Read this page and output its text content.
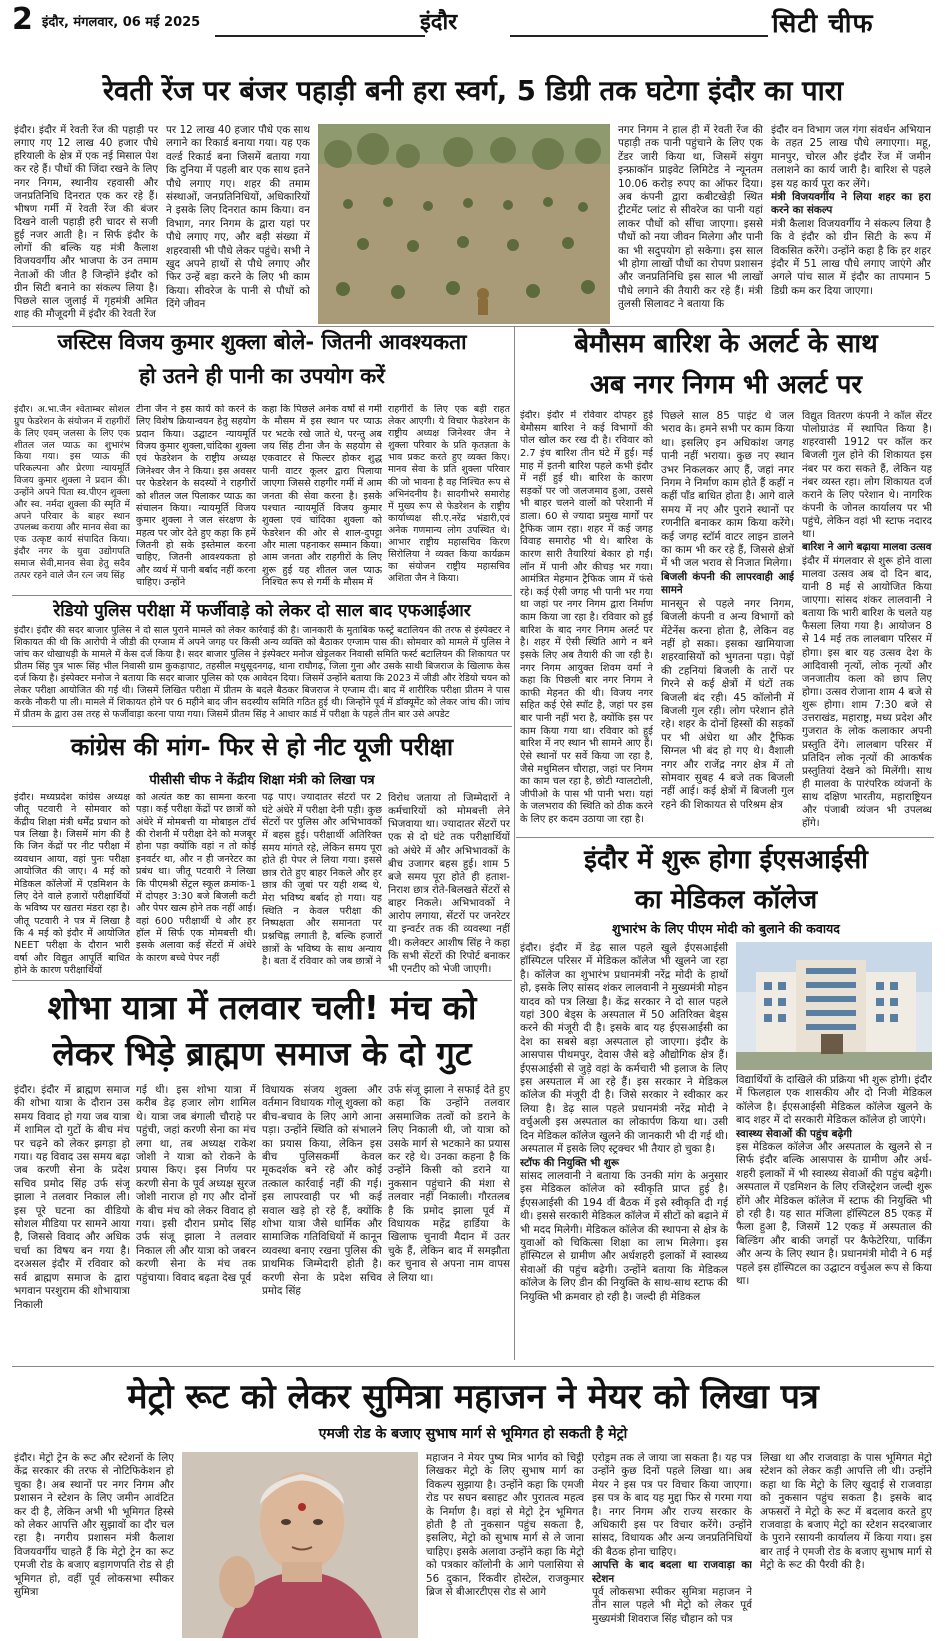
2 इंदौर, मंगलवार, 06 मई 2025	इंदौर	सिटी चीफ
रेवती रेंज पर बंजर पहाड़ी बनी हरा स्वर्ग, 5 डिग्री तक घटेगा इंदौर का पारा
इंदौर। इंदौर में रेवती रेंज की पहाड़ी पर लगाए गए 12 लाख 40 हजार पौधे हरियाली के क्षेत्र में एक नई मिसाल पेश कर रहे हैं। पौधों की जिंदा रखने के लिए नगर निगम, स्थानीय रहवासी और जनप्रतिनिधि दिनरात एक कर रहे हैं। भीषण गर्मी में रेवती रेंज की बंजर दिखने वाली पहाड़ी हरी चादर से सजी हुई नजर आती है। न सिर्फ इंदौर के लोगों की बल्कि यह मंत्री कैलाश विजयवर्गीय और भाजपा के उन तमाम नेताओं की जीत है जिन्होंने इंदौर को ग्रीन सिटी बनाने का संकल्प लिया है। पिछले साल जुलाई में गृहमंत्री अमित शाह की मौजूदगी में इंदौर की रेवती रेंज
पर 12 लाख 40 हजार पौधे एक साथ लगाने का रिकार्ड बनाया गया। यह एक वर्ल्ड रिकार्ड बना जिसमें बताया गया कि दुनिया में पहली बार एक साथ इतने पौधे लगाए गए। शहर की तमाम संस्थाओं, जनप्रतिनिधियों, अधिकारियों ने इसके लिए दिनरात काम किया। वन विभाग, नगर निगम के द्वारा यहां पर पौधे लगाए गए, और बड़ी संख्या में शहरवासी भी पौधे लेकर पहुंचे। सभी ने खुद अपने हाथों से पौधे लगाए और फिर उन्हें बड़ा करने के लिए भी काम किया। सीवरेज के पानी से पौधों को दिंगे जीवन
नगर निगम ने हाल ही में रेवती रेंज की पहाड़ी तक पानी पहुंचाने के लिए एक टेंडर जारी किया था, जिसमें संयुग इन्फ्राकॉन प्राइवेट लिमिटेड ने न्यूनतम 10.06 करोड़ रुपए का ऑफर दिया। अब कंपनी द्वारा कबीटखेड़ी स्थित ट्रीटमेंट प्लांट से सीवरेज का पानी यहां लाकर पौधों को सींचा जाएगा। इससे पौधों को नया जीवन मिलेगा और पानी का भी सदुपयोग हो सकेगा। इस साल भी होगा लाखों पौधों का रोपण प्रशासन और जनप्रतिनिधि इस साल भी लाखों पौधे लगाने की तैयारी कर रहे हैं। मंत्री तुलसी सिलावट ने बताया कि
इंदौर वन विभाग जल गंगा संवर्धन अभियान के तहत 25 लाख पौधे लगाएगा। महू, मानपुर, चोरल और इंदौर रेंज में जमीन तलाशने का कार्य जारी है। बारिश से पहले इस यह कार्य पूरा कर लेंगे।
मंत्री विजयवर्गीय ने लिया शहर का हरा करने का संकल्प
मंत्री कैलाश विजयवर्गीय ने संकल्प लिया है कि वे इंदौर को ग्रीन सिटी के रूप में विकसित करेंगे। उन्होंने कहा है कि हर शहर इंदौर में 51 लाख पौधे लगाए जाएंगे और अगले पांच साल में इंदौर का तापमान 5 डिग्री कम कर दिया जाएगा।
जस्टिस विजय कुमार शुक्ला बोले- जितनी आवश्यकता
हो उतने ही पानी का उपयोग करें
इंदौर। अ.भा.जैन श्वेताम्बर सोशल ग्रुप फेडरेशन के संयोजन में राहगीरों के लिए एवम् जलसा के लिए एक शीतल जल प्याऊ का शुभारंभ किया गया। इस प्याऊ की परिकल्पना और प्रेरणा न्यायमूर्ति विजय कुमार शुक्ला ने प्रदान की। उन्होंने अपने पिता स्व.पीएन शुक्ला और स्व. नर्मदा शुक्ला की स्मृति में अपने परिवार के बाहर स्थान उपलब्ध कराया और मानव सेवा का एक उत्कृष्ट कार्य संपादित किया। इंदौर नगर के युवा उद्योगपति समाज सेवी,मानव सेवा हेतु सदैव तत्पर रहने वाले जैन रत्न जय सिंह
टीना जैन ने इस कार्य को करने के लिए विशेष क्रियान्वयन हेतु सहयोग प्रदान किया। उद्घाटन न्यायमूर्ति विजय कुमार शुक्ला,चांदिका शुक्ला एवं फेडरेशन के राष्ट्रीय अध्यक्ष जिनेश्वर जैन ने किया। इस अवसर पर फेडरेशन के सदस्यों ने राहगीरों को शीतल जल पिलाकर प्याऊ का संचालन किया। न्यायमूर्ति विजय कुमार शुक्ला ने जल संरक्षण के महत्व पर जोर देते हुए कहा कि हमें जितनी हो सके इस्तेमाल करना चाहिए, जितनी आवश्यकता हो और व्यर्थ में पानी बर्बाद नहीं करना चाहिए। उन्होंने
कहा कि पिछले अनेक वर्षों से गर्मी के मौसम में इस स्थान पर प्याऊ पर भटके रखे जाते थे, परन्तु अब जय सिंह टीना जैन के सहयोग से एकवाटर से फिल्टर होकर शुद्ध पानी वाटर कूलर द्वारा पिलाया जाएगा जिससे राहगीर गर्मी में आम जनता की सेवा करना है। इसके पश्चात न्यायमूर्ति विजय कुमार शुक्ला एवं चांदिका शुक्ला को फेडरेशन की ओर से शाल-दुपट्टा और माला पहनाकर सम्मान किया। आम जनता और राहगीरों के लिए शुरू हुई यह शीतल जल प्याऊ निश्चित रूप से गर्मी के मौसम में
राहगीरों के लिए एक बड़ी राहत लेकर आएगी। ये विचार फेडरेशन के राष्ट्रीय अध्यक्ष जिनेश्वर जैन ने शुक्ला परिवार के प्रति कृतज्ञता के भाव प्रकट करते हुए व्यक्त किए। मानव सेवा के प्रति शुक्ला परिवार की जो भावना है वह निश्चित रूप से अभिनंदनीय है। सादगीभरे समारोह में मुख्य रूप से फेडरेशन के राष्ट्रीय कार्याध्यक्ष सी.ए.नरेंद्र भंडारी,एवं अनेक गणमान्य लोग उपस्थित थे। आभार राष्ट्रीय महासचिव किरण सिरोलिया ने व्यक्त किया कार्यक्रम का संयोजन राष्ट्रीय महासचिव अशिता जैन ने किया।
रेडियो पुलिस परीक्षा में फर्जीवाड़े को लेकर दो साल बाद एफआईआर
इंदौर। इंदौर की सदर बाजार पुलिस ने दो साल पुराने मामले को लेकर कार्रवाई की है। जानकारी के मुताबिक फर्स्ट्र बटालियन की तरफ से इंस्पेक्टर ने शिकायत की थी कि आरोपी ने जीडी की एग्जाम में अपने जगह पर किसी अन्य व्यक्ति को बैठाकर एग्जाम पास की। सोमवार को मामले में पुलिस ने जांच कर धोखाधड़ी के मामले में केस दर्ज किया है। सदर बाजार पुलिस ने इंस्पेक्टर मनोज खेड़ूलकर निवासी समिति फर्स्ट बटालियन की शिकायत पर प्रीतम सिंह पुत्र भारू सिंह भील निवासी ग्राम कुकड़ापाट, तहसील मधुसूदनगढ़, थाना राघौगढ़, जिला गुना और उसके साथी बिजराज के खिलाफ केस दर्ज किया है। इंस्पेक्टर मनोज ने बताया कि सदर बाजार पुलिस को एक आवेदन दिया। जिसमें उन्होंने बताया कि 2023 में जीडी और रेडियो चयन को लेकर परीक्षा आयोजित की गई थी। जिसमें लिखित परीक्षा में प्रीतम के बदले बैठकर बिजराज ने एग्जाम दी। बाद में शारीरिक परीक्षा प्रीतम ने पास करके नौकरी पा ली। मामले में शिकायत होने पर 6 महीने बाद जीन सदस्यीय समिति गठित हुई थी। जिन्होंने पूर्व में डॉक्यूमेंट को लेकर जांच की। जांच में प्रीतम के द्वारा उस तरह से फर्जीवाड़ा करना पाया गया। जिसमें प्रीतम सिंह ने आधार कार्ड में परीक्षा के पहले तीन बार उसे अपडेट
कांग्रेस की मांग- फिर से हो नीट यूजी परीक्षा
पीसीसी चीफ ने केंद्रीय शिक्षा मंत्री को लिखा पत्र
इंदौर। मध्यप्रदेश कांग्रेस अध्यक्ष जीतू पटवारी ने सोमवार को केंद्रीय शिक्षा मंत्री धर्मेंद्र प्रधान को पत्र लिखा है। जिसमें मांग की है कि जिन केंद्रों पर नीट परीक्षा में व्यवधान आया, वहां पुनः परीक्षा आयोजित की जाए। 4 मई को मेडिकल कॉलेजों में एडमिशन के लिए देने वाले हजारों परीक्षार्थियों के भविष्य पर खतरा मंडरा रहा है। जीतू पटवारी ने पत्र में लिखा है कि 4 मई को इंदौर में आयोजित NEET परीक्षा के दौरान भारी वर्षा और विद्युत आपूर्ति बाधित होने के कारण परीक्षार्थियों
को अत्यंत कष्ट का सामना करना पड़ा। कई परीक्षा केंद्रों पर छात्रों को अंधेरे में मोमबत्ती या मोबाइल टॉर्च की रोशनी में परीक्षा देने को मजबूर होना पड़ा क्योंकि वहां न तो कोई इनवर्टर था, और न ही जनरेटर का प्रबंध था। जीतू पटवारी ने लिखा कि पीएमश्री सेंट्रल स्कूल क्रमांक-1 में दोपहर 3:30 बजे बिजली कटी और पेपर खत्म होने तक नहीं आई। वहां 600 परीक्षार्थी थे और हर हॉल में सिर्फ एक मोमबत्ती थी। इसके अलावा कई सेंटरों में अंधेरे के कारण बच्चे पेपर नहीं
पढ़ पाए। ज्यादातर सेंटरों पर 2 घंटे अंधेरे में परीक्षा देनी पड़ी। कुछ सेंटरों पर पुलिस और अभिभावकों में बहस हुई। परीक्षार्थी अतिरिक्त समय मांगते रहे, लेकिन समय पूरा होते ही पेपर ले लिया गया। इससे छात्र रोते हुए बाहर निकले और हर छात्र की जुबां पर यही शब्द थे, मेरा भविष्य बर्बाद हो गया। यह स्थिति न केवल परीक्षा की निष्पक्षता और समानता पर प्रश्नचिह्न लगाती है, बल्कि हजारों छात्रों के भविष्य के साथ अन्याय है। बता दें रविवार को जब छात्रों ने
विरोध जताया तो जिम्मेदारों ने कर्मचारियों को मोमबत्ती लेने भिजवाया था। ज्यादातर सेंटरों पर एक से दो घंटे तक परीक्षार्थियों को अंधेरे में और अभिभावकों के बीच उजागर बहस हुई। शाम 5 बजे समय पूरा होते ही हताश-निराश छात्र रोते-बिलखते सेंटरों से बाहर निकले। अभिभावकों ने आरोप लगाया, सेंटरों पर जनरेटर या इन्वर्टर तक की व्यवस्था नहीं थी। कलेक्टर आशीष सिंह ने कहा कि सभी सेंटरों की रिपोर्ट बनाकर भी एनटीए को भेजी जाएगी।
बेमौसम बारिश के अलर्ट के साथ
अब नगर निगम भी अलर्ट पर
इंदौर। इंदौर में रविवार दोपहर हुई बेमौसम बारिश ने कई विभागों की पोल खोल कर रख दी है। रविवार को 2.7 इंच बारिश तीन घंटे में हुई। मई माह में इतनी बारिश पहले कभी इंदौर में नहीं हुई थी। बारिश के कारण सड़कों पर जो जलजमाव हुआ, उससे भी बाहर चलने वालों को परेशानी में डाला। 60 से ज्यादा प्रमुख मार्गों पर ट्रैफिक जाम रहा। शहर में कई जगह विवाह समारोह भी थे। बारिश के कारण सारी तैयारियां बेकार हो गईं। लॉन में पानी और कीचड़ भर गया। आमंत्रित मेहमान ट्रैफिक जाम में फंसे रहे। कई ऐसी जगह भी पानी भर गया था जहां पर नगर निगम द्वारा निर्माण काम किया जा रहा है। रविवार को हुई बारिश के बाद नगर निगम अलर्ट पर है। शहर में ऐसी स्थिति आगे न बने इसके लिए अब तैयारी की जा रही है। नगर निगम आयुक्त शिवम वर्मा ने कहा कि पिछली बार नगर निगम ने काफी मेहनत की थी। विजय नगर सहित कई ऐसे स्पॉट है, जहां पर इस बार पानी नहीं भरा है, क्योंकि इस पर काम किया गया था। रविवार को हुई बारिश में नए स्थान भी सामने आए हैं। ऐसे स्थानों पर सर्वे किया जा रहा है, जैसे मधुमिलन चौराहा, जहां पर निगम का काम चल रहा है, छोटी ग्वालटोली, जीपीओ के पास भी पानी भरा। यहां के जलभराव की स्थिति को ठीक करने के लिए हर कदम उठाया जा रहा है।
पिछले साल 85 पाइंट थे जल भराव के। हमने सभी पर काम किया था। इसलिए इन अधिकांश जगह पानी नहीं भराया। कुछ नए स्थान उभर निकलकर आए हैं, जहां नगर निगम ने निर्माण काम होते हैं कहीं न कहीं पाँड बाधित होता है। आगे वाले समय में नए और पुराने स्थानों पर रणनीति बनाकर काम किया करेंगे। कई जगह स्टॉर्म वाटर लाइन डालने का काम भी कर रहे हैं, जिससे क्षेत्रों में भी जल भराव से निजात मिलेगा।
बिजली कंपनी की लापरवाही आई सामने
मानसून से पहले नगर निगम, बिजली कंपनी व अन्य विभागों को मेंटेनेंस करना होता है, लेकिन वह नहीं हो सका। इसका खामियाजा शहरवासियों को भुगतना पड़ा। पेड़ों की टहनियां बिजली के तारों पर गिरने से कई क्षेत्रों में घंटों तक बिजली बंद रही। 45 कॉलोनी में बिजली गुल रही। लोग परेशान होते रहे। शहर के दोनों हिस्सों की सड़कों पर भी अंधेरा था और ट्रैफिक सिग्नल भी बंद हो गए थे। वैशाली नगर और राजेंद्र नगर क्षेत्र में तो सोमवार सुबह 4 बजे तक बिजली नहीं आई। कई क्षेत्रों में बिजली गुल रहने की शिकायत से परिश्रम क्षेत्र
विद्युत वितरण कंपनी ने कॉल सेंटर पोलोग्राउंड में स्थापित किया है। शहरवासी 1912 पर कॉल कर बिजली गुल होने की शिकायत इस नंबर पर करा सकते हैं, लेकिन यह नंबर व्यस्त रहा। लोग शिकायत दर्ज कराने के लिए परेशान थे। नागरिक कंपनी के जोनल कार्यालय पर भी पहुंचे, लेकिन वहां भी स्टाफ नदारद था।
बारिश ने आगे बढ़ाया मालवा उत्सव
इंदौर में मंगलवार से शुरू होने वाला मालवा उत्सव अब दो दिन बाद, यानी 8 मई से आयोजित किया जाएगा। सांसद शंकर लालवानी ने बताया कि भारी बारिश के चलते यह फैसला लिया गया है। आयोजन 8 से 14 मई तक लालबाग परिसर में होगा। इस बार यह उत्सव देश के आदिवासी नृत्यों, लोक नृत्यों और जनजातीय कला को छाप लिए होगा। उत्सव रोजाना शाम 4 बजे से शुरू होगा। शाम 7:30 बजे से उत्तराखंड, महाराष्ट्र, मध्य प्रदेश और गुजरात के लोक कलाकार अपनी प्रस्तुति देंगे। लालबाग परिसर में प्रतिदिन लोक नृत्यों की आकर्षक प्रस्तुतियां देखने को मिलेंगी। साथ ही मालवा के पारंपरिक व्यंजनों के साथ दक्षिण भारतीय, महाराष्ट्रियन और पंजाबी व्यंजन भी उपलब्ध होंगे।
इंदौर में शुरू होगा ईएसआईसी
का मेडिकल कॉलेज
शुभारंभ के लिए पीएम मोदी को बुलाने की कवायद
इंदौर। इंदौर में डेढ़ साल पहले खुले ईएसआईसी हॉस्पिटल परिसर में मेडिकल कॉलेज भी खुलने जा रहा है। कॉलेज का शुभारंभ प्रधानमंत्री नरेंद्र मोदी के हाथों हो, इसके लिए सांसद शंकर लालवानी ने मुख्यमंत्री मोहन यादव को पत्र लिखा है। केंद्र सरकार ने दो साल पहले यहां 300 बेड्स के अस्पताल में 50 अतिरिक्त बेड्स करने की मंजूरी दी है। इसके बाद यह ईएसआईसी का देश का सबसे बड़ा अस्पताल हो जाएगा। इंदौर के आसपास पीथमपुर, देवास जैसे बड़े औद्योगिक क्षेत्र हैं। ईएसआईसी से जुड़े वहां के कर्मचारी भी इलाज के लिए इस अस्पताल में आ रहे हैं। इस सरकार ने मेडिकल कॉलेज की मंजूरी दी है। जिसे सरकार ने स्वीकार कर लिया है। डेढ़ साल पहले प्रधानमंत्री नरेंद्र मोदी ने वर्चुअली इस अस्पताल का लोकार्पण किया था। उसी दिन मेडिकल कॉलेज खुलने की जानकारी भी दी गई थी। अस्पताल में इसके लिए स्ट्रक्चर भी तैयार हो चुका है।
स्टॉफ की नियुक्ति भी शुरू
सांसद लालवानी ने बताया कि उनकी मांग के अनुसार इस मेडिकल कॉलेज को स्वीकृति प्राप्त हुई है। ईएसआईसी की 194 वीं बैठक में इसे स्वीकृति दी गई थी। इससे सरकारी मेडिकल कॉलेज में सीटों को बढ़ाने में भी मदद मिलेगी। मेडिकल कॉलेज की स्थापना से क्षेत्र के युवाओं को चिकित्सा शिक्षा का लाभ मिलेगा। इस हॉस्पिटल से ग्रामीण और अर्धशहरी इलाकों में स्वास्थ्य सेवाओं की पहुंच बढ़ेगी। उन्होंने बताया कि मेडिकल कॉलेज के लिए डीन की नियुक्ति के साथ-साथ स्टाफ की नियुक्ति भी क्रमवार हो रही है। जल्दी ही मेडिकल
विद्यार्थियों के दाखिले की प्रक्रिया भी शुरू होगी। इंदौर में फिलहाल एक शासकीय और दो निजी मेडिकल कॉलेज है। ईएसआईसी मेडिकल कॉलेज खुलने के बाद शहर में दो सरकारी मेडिकल कॉलेज हो जाएंगे।
स्वास्थ्य सेवाओं की पहुंच बढ़ेगी
इस मेडिकल कॉलेज और अस्पताल के खुलने से न सिर्फ इंदौर बल्कि आसपास के ग्रामीण और अर्ध-शहरी इलाकों में भी स्वास्थ्य सेवाओं की पहुंच बढ़ेगी। अस्पताल में एडमिशन के लिए रजिस्ट्रेशन जल्दी शुरू होंगे और मेडिकल कॉलेज में स्टाफ की नियुक्ति भी हो रही है। यह सात मंजिला हॉस्पिटल 85 एकड़ में फैला हुआ है, जिसमें 12 एकड़ में अस्पताल की बिल्डिंग और बाकी जगहों पर कैफेटेरिया, पार्किंग और अन्य के लिए स्थान है। प्रधानमंत्री मोदी ने 6 मई पहले इस हॉस्पिटल का उद्घाटन वर्चुअल रूप से किया था।
शोभा यात्रा में तलवार चली! मंच को
लेकर भिड़े ब्राह्मण समाज के दो गुट
इंदौर। इंदौर में ब्राह्मण समाज की शोभा यात्रा के दौरान उस समय विवाद हो गया जब यात्रा में शामिल दो गुटों के बीच मंच पर चढ़ने को लेकर झगड़ा हो गया। यह विवाद उस समय बढ़ा जब करणी सेना के प्रदेश सचिव प्रमोद सिंह उर्फ संजू झाला ने तलवार निकाल ली। इस पूरे घटना का वीडियो सोशल मीडिया पर सामने आया है, जिससे विवाद और अधिक चर्चा का विषय बन गया है। दरअसल इंदौर में रविवार को सर्व ब्राह्मण समाज के द्वारा भगवान परशुराम की शोभायात्रा निकाली
गई थी। इस शोभा यात्रा में करीब डेढ़ हजार लोग शामिल थे। यात्रा जब बंगाली चौराहे पर पहुंची, जहां करणी सेना का मंच लगा था, तब अध्यक्ष राकेश जोशी ने यात्रा को रोकने के प्रयास किए। इस निर्णय पर करणी सेना के पूर्व अध्यक्ष सुरज जोशी नाराज हो गए और दोनों के बीच मंच को लेकर विवाद हो गया। इसी दौरान प्रमोद सिंह उर्फ संजू झाला ने तलवार निकाल ली और यात्रा को जबरन करणी सेना के मंच तक पहुंचाया। विवाद बढ़ता देख पूर्व
विधायक संजय शुक्ला और वर्तमान विधायक गोलू शुक्ला को बीच-बचाव के लिए आगे आना पड़ा। उन्होंने स्थिति को संभालने का प्रयास किया, लेकिन इस बीच पुलिसकर्मी केवल मूकदर्शक बने रहे और कोई तत्काल कार्रवाई नहीं की गई। इस लापरवाही पर भी कई सवाल खड़े हो रहे हैं, क्योंकि शोभा यात्रा जैसे धार्मिक और सामाजिक गतिविधियों में कानून व्यवस्था बनाए रखना पुलिस की प्राथमिक जिम्मेदारी होती है। करणी सेना के प्रदेश सचिव प्रमोद सिंह
उर्फ संजू झाला ने सफाई देते हुए कहा कि उन्होंने तलवार असमाजिक तत्वों को डराने के लिए निकाली थी, जो यात्रा को उसके मार्ग से भटकाने का प्रयास कर रहे थे। उनका कहना है कि उन्होंने किसी को डराने या नुकसान पहुंचाने की मंशा से तलवार नहीं निकाली। गौरतलब है कि प्रमोद झाला पूर्व में विधायक महेंद्र हार्डिया के खिलाफ चुनावी मैदान में उतर चुके हैं, लेकिन बाद में समझौता कर चुनाव से अपना नाम वापस ले लिया था।
मेट्रो रूट को लेकर सुमित्रा महाजन ने मेयर को लिखा पत्र
एमजी रोड के बजाए सुभाष मार्ग से भूमिगत हो सकती है मेट्रो
इंदौर। मेट्रो ट्रेन के रूट और स्टेशनों के लिए केंद्र सरकार की तरफ से नोटिफिकेशन हो चुका है। अब स्थानों पर नगर निगम और प्रशासन ने स्टेशन के लिए जमीन आवंटित कर दी है, लेकिन अभी भी भूमिगत हिस्से को लेकर आपत्ति और सुझावों का दौर चल रहा है। नगरीय प्रशासन मंत्री कैलाश विजयवर्गीय चाहते हैं कि मेट्रो ट्रेन का रूट एमजी रोड के बजाए बड़ागणपति रोड से ही भूमिगत हो, वहीं पूर्व लोकसभा स्पीकर सुमित्रा
महाजन ने मेयर पुष्य मित्र भार्गव को चिट्ठी लिखकर मेट्रो के लिए सुभाष मार्ग का विकल्प सुझाया है। उन्होंने कहा कि एमजी रोड पर सघन बसाहट और पुरातत्व महत्व के निर्माण है। वहां से मेट्रो ट्रेन भूमिगत होती है तो नुकसान पहुंच सकता है, इसलिए, मेट्रो को सुभाष मार्ग से ले जाना चाहिए। इसके अलावा उन्होंने कहा कि मेट्रो को पत्रकार कॉलोनी के आगे पलासिया से 56 दुकान, रिंकवीर होस्टेल, राजकुमार ब्रिज से बीआरटीएस रोड से आगे
एरोड्रम तक ले जाया जा सकता है। यह पत्र उन्होंने कुछ दिनों पहले लिखा था। अब मेयर ने इस पत्र पर विचार किया जाएगा। इस पत्र के बाद यह मुद्दा फिर से गरमा गया है। नगर निगम और राज्य सरकार के अधिकारी इस पर विचार करेंगे। उन्होंने सांसद, विधायक और अन्य जनप्रतिनिधियों की बैठक होना चाहिए।
आपत्ति के बाद बदला था राजवाड़ा का स्टेशन
पूर्व लोकसभा स्पीकर सुमित्रा महाजन ने तीन साल पहले भी मेट्रो को लेकर पूर्व मुख्यमंत्री शिवराज सिंह चौहान को पत्र
लिखा था और राजवाड़ा के पास भूमिगत मेट्रो स्टेशन को लेकर कड़ी आपत्ति ली थी। उन्होंने कहा था कि मेट्रो के लिए खुदाई से राजवाड़ा को नुकसान पहुंच सकता है। इसके बाद अफसरों ने मेट्रो के रूट में बदलाव करते हुए राजवाड़ा के बजाए मेट्रो का स्टेशन सदरबाजार के पुराने रसायनी कार्यालय में किया गया। इस बार ताई ने एमजी रोड के बजाए सुभाष मार्ग से मेट्रो के रूट की पैरवी की है।
